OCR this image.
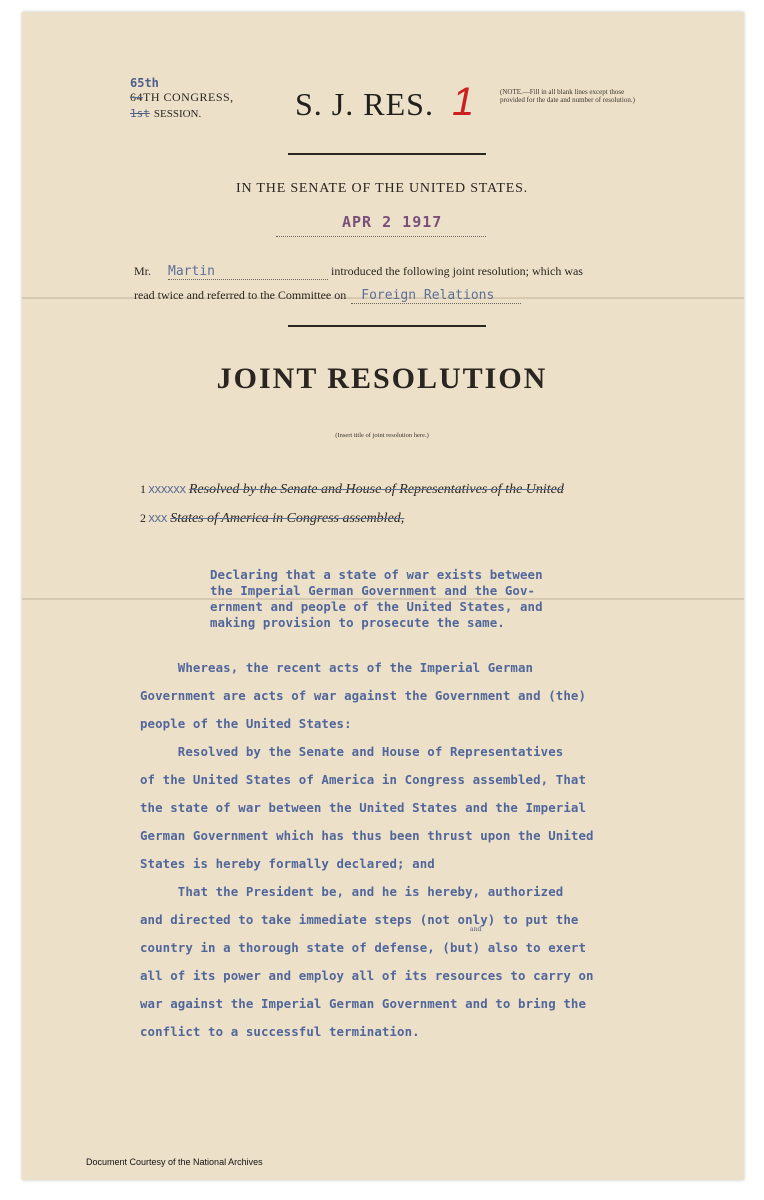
65th
64TH CONGRESS,
1st SESSION.	S. J. RES. 1	(NOTE.—Fill in all blank lines except those provided for the date and number of resolution.)
IN THE SENATE OF THE UNITED STATES.
APR 2 1917
Mr. Martin	introduced the following joint resolution; which was
read twice and referred to the Committee on Foreign Relations
JOINT RESOLUTION
(Insert title of joint resolution here.)
1 xxxxxx Resolved by the Senate and House of Representatives of the United
2 xxx States of America in Congress assembled,
Declaring that a state of war exists between
the Imperial German Government and the Gov-
ernment and people of the United States, and
making provision to prosecute the same.
Whereas, the recent acts of the Imperial German
Government are acts of war against the Government and (the)
people of the United States:
Resolved by the Senate and House of Representatives
of the United States of America in Congress assembled, That
the state of war between the United States and the Imperial
German Government which has thus been thrust upon the United
States is hereby formally declared; and
That the President be, and he is hereby, authorized
and directed to take immediate steps (not only) to put the
country in a thorough state of defense, (but) also to exert
all of its power and employ all of its resources to carry on
war against the Imperial German Government and to bring the
conflict to a successful termination.
and
Document Courtesy of the National Archives
